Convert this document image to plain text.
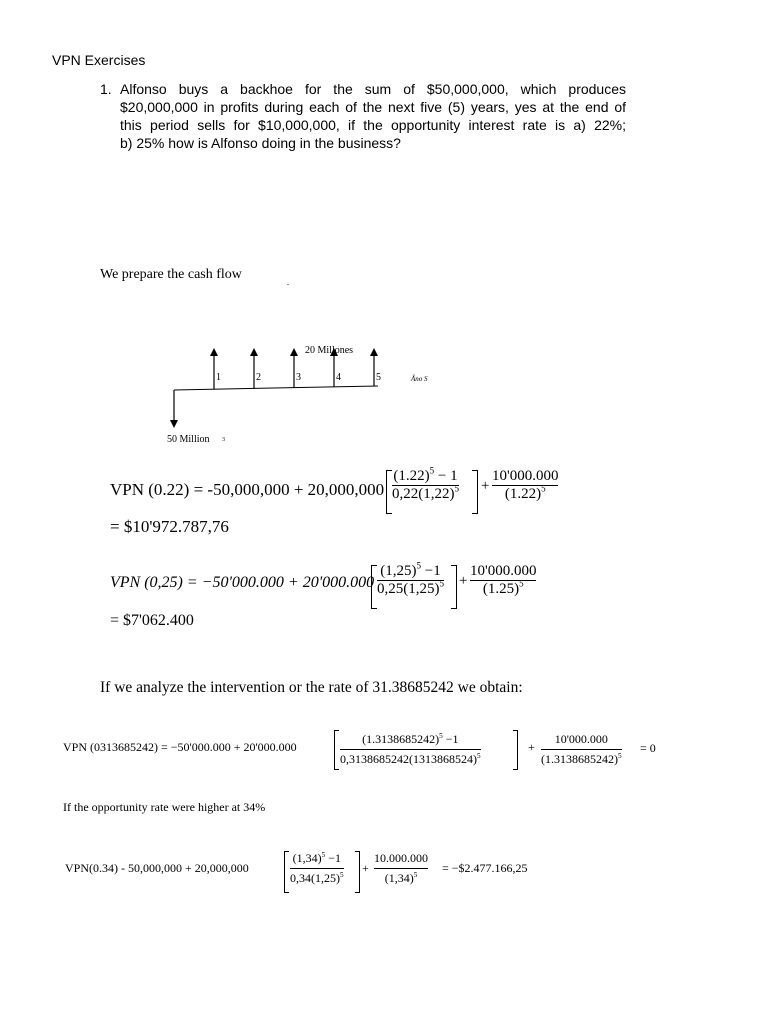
VPN Exercises
1. Alfonso buys a backhoe for the sum of $50,000,000, which produces
$20,000,000 in profits during each of the next five (5) years, yes at the end of
this period sells for $10,000,000, if the opportunity interest rate is a) 22%;
b) 25% how is Alfonso doing in the business?
We prepare the cash flow
20 Millones
1	2	3	4	5	Âno S
50 Million 3
VPN (0.22) = -50,000,000 + 20,000,000
$(1.22)^5 - 1$
$0,22(1,22)^5$ +
10'000.000
$(1.22)^5$
= $10'972.787,76
VPN (0,25) = −50'000.000 + 20'000.000
$(1,25)^5 -1$
$0,25(1,25)^5$ +
10'000.000
$(1.25)^5$
= $7'062.400
If we analyze the intervention or the rate of 31.38685242 we obtain:
VPN (0313685242) = −50'000.000 + 20'000.000
$(1.3138685242)^5 -1$
$0,3138685242(1313868524)^5$
+
10'000.000
$(1.3138685242)^5$
= 0
If the opportunity rate were higher at 34%
VPN(0.34) - 50,000,000 + 20,000,000
$(1,34)^5 -1$
$0,34(1,25)^5$ +
10.000.000
$(1,34)^5$ = −$2.477.166,25
